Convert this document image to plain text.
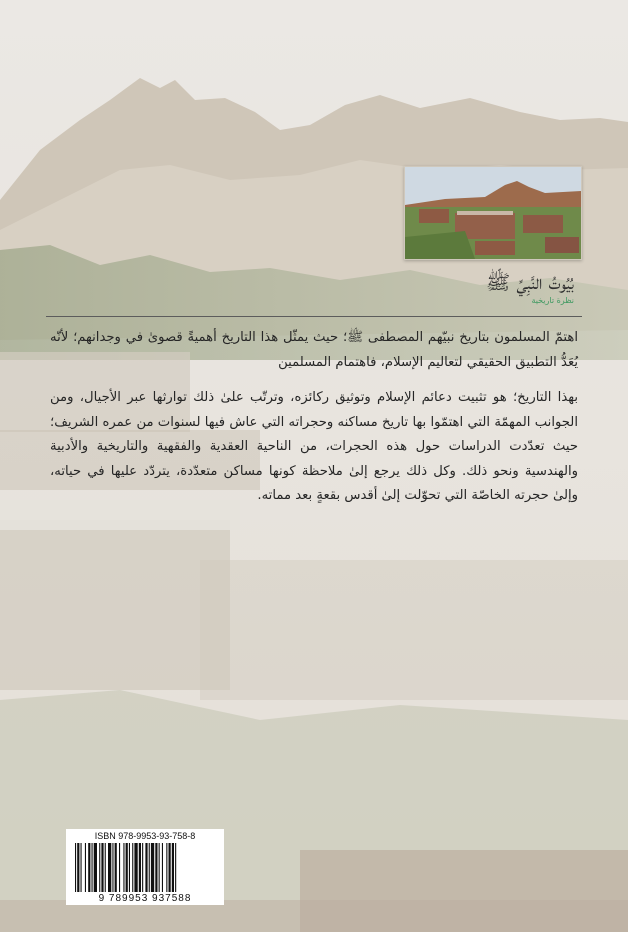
بُيُوتُ النَّبِيِّ ﷺ
نظرة تاريخية

اهتمّ المسلمون بتاريخ نبيّهم المصطفى ﷺ؛ حيث يمثّل هذا التاريخ أهميةً قصوىٰ في وجدانهم؛ لأنّه يُعَدُّ التطبيق الحقيقي لتعاليم الإسلام، فاهتمام المسلمين

بهذا التاريخ؛ هو تثبيت دعائم الإسلام وتوثيق ركائزه، وترتّب علىٰ ذلك توارثها عبر الأجيال، ومن الجوانب المهمّة التي اهتمّوا بها تاريخ مساكنه وحجراته التي عاش فيها لسنوات من عمره الشريف؛ حيث تعدّدت الدراسات حول هذه الحجرات، من الناحية العقدية والفقهية والتاريخية والأدبية والهندسية ونحو ذلك. وكل ذلك يرجع إلىٰ ملاحظة كونها مساكن متعدّدة، يتردّد عليها في حياته، وإلىٰ حجرته الخاصّة التي تحوّلت إلىٰ أقدس بقعةٍ بعد مماته.

ISBN 978-9953-93-758-8
9 789953 937588
